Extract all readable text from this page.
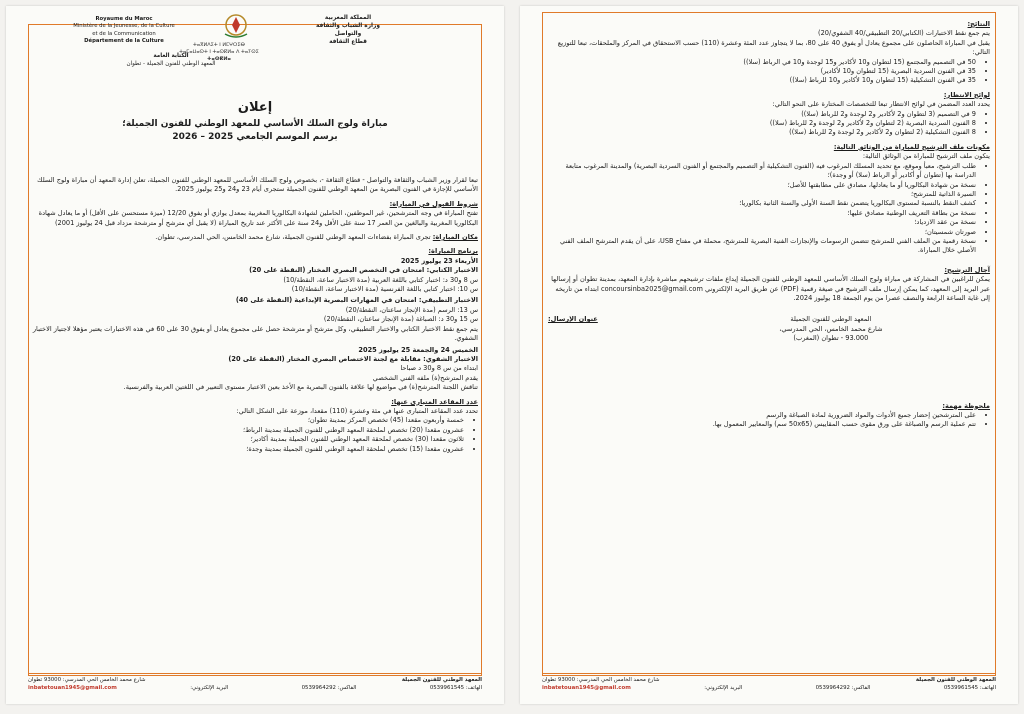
Royaume du Maroc
Ministère de la Jeunesse, de la Culture
et de la Communication
Département de la Culture
ⵜⴰⴳⵍⴷⵉⵜ ⵏ ⵍⵎⵖⵔⵉⴱ
ⵜⴰⵎⴰⵡⴰⵙⵜ ⵏ ⵜⴰⵙⴽⵍⴰ ⴷ ⵜⴰⵢⵙⵉ
ⵜⴰⵙⴽⵍⴰ
المملكة المغربية
وزارة الشباب والثقافة
والتواصل
قطاع الثقافة
الكتابة العامة
المعهد الوطني للفنون الجميلة - تطوان
إعلان
مباراة ولوج السلك الأساسي للمعهد الوطني للفنون الجميلة؛
برسم الموسم الجامعي 2025 – 2026
تبعا لقرار وزير الشباب والثقافة والتواصل - قطاع الثقافة -، بخصوص ولوج السلك الأساسي للمعهد الوطني للفنون الجميلة، تعلن إدارة المعهد أن مباراة ولوج السلك الأساسي للإجازة في الفنون البصرية من المعهد الوطني للفنون الجميلة ستجرى أيام 23 و24 و25 يوليوز 2025.
شروط القبول في المباراة:
تفتح المباراة في وجه المترشحين، غير الموظفين، الحاملين لشهادة البكالوريا المغربية بمعدل يوازي أو يفوق 12/20 (ميزة مستحسن على الأقل) أو ما يعادل شهادة البكالوريا المغربية والبالغين من العمر 17 سنة على الأقل و24 سنة على الأكثر عند تاريخ المباراة (لا يقبل أي مترشح أو مترشحة مزداد قبل 24 يوليوز 2001)
مكان المباراة: تجرى المباراة بفضاءات المعهد الوطني للفنون الجميلة، شارع محمد الخامس، الحي المدرسي، تطوان.
برنامج المباراة:
الأربعاء 23 يوليوز 2025
الاختبار الكتابي: امتحان في التخصص البصري المختار (النقطة على 20)
س 8 و30 د: اختبار كتابي باللغة العربية (مدة الاختبار ساعة، النقطة/10)
س 10: اختبار كتابي باللغة الفرنسية (مدة الاختبار ساعة، النقطة/10)
الاختبار التطبيقي: امتحان في المهارات البصرية الإبداعية (النقطة على 40)
س 13: الرسم (مدة الإنجاز ساعتان، النقطة/20)
س 15 و30 د: الصباغة (مدة الإنجاز ساعتان، النقطة/20)
يتم جمع نقط الاختبار الكتابي والاختبار التطبيقي، وكل مترشح أو مترشحة حصل على مجموع يعادل أو يفوق 30 على 60 في هذه الاختبارات يعتبر مؤهلا لاجتياز الاختبار الشفوي.
الخميس 24 والجمعة 25 يوليوز 2025
الاختبار الشفوي: مقابلة مع لجنة الاختصاص البصري المختار (النقطة على 20)
ابتداء من س 8 و30 د صباحا
يقدم المترشح(ة) ملفه الفني الشخصي
تناقش اللجنة المترشح(ة) في مواضيع لها علاقة بالفنون البصرية مع الأخذ بعين الاعتبار مستوى التعبير في اللغتين العربية والفرنسية.
عدد المقاعد المتبارى عنها:
تحدد عدد المقاعد المتبارى عنها في مئة وعشرة (110) مقعدا، موزعة على الشكل التالي:
• خمسة وأربعون مقعدا (45) تخصص المركز بمدينة تطوان؛
• عشرون مقعدا (20) تخصص لملحقة المعهد الوطني للفنون الجميلة بمدينة الرباط؛
• ثلاثون مقعدا (30) تخصص لملحقة المعهد الوطني للفنون الجميلة بمدينة أكادير؛
• عشرون مقعدا (15) تخصص لملحقة المعهد الوطني للفنون الجميلة بمدينة وجدة؛
المعهد الوطني للفنون الجميلة
شارع محمد الخامس الحي المدرسي: 93000 تطوان
الهاتف: 0539961545
الفاكس: 0539964292
البريد الإلكتروني:
inbatetouan1945@gmail.com
النتائج:
يتم جمع نقط الاختبارات (الكتابي/20 التطبيقي/40 الشفوي/20)
يقبل في المباراة الحاصلون على مجموع يعادل أو يفوق 40 على 80، بما لا يتجاوز عدد المئة وعشرة (110) حسب الاستحقاق في المركز والملحقات، تبعا للتوزيع التالي:
• 50 في التصميم والمجتمع (15 لتطوان و10 لأكادير و15 لوجدة و10 في الرباط (سلا))
• 35 في الفنون السردية البصرية (15 لتطوان و10 لأكادير)
• 35 في الفنون التشكيلية (15 لتطوان و10 لأكادير و10 للرباط (سلا))
لوائح الانتظار:
يحدد العدد المضمن في لوائح الانتظار تبعا للتخصصات المختارة على النحو التالي:
• 9 في التصميم (3 لتطوان و2 لأكادير و2 لوجدة و2 للرباط (سلا))
• 8 الفنون السردية البصرية (2 لتطوان و2 لأكادير و2 لوجدة و2 للرباط (سلا))
• 8 الفنون التشكيلية (2 لتطوان و2 لأكادير و2 لوجدة و2 للرباط (سلا))
مكونات ملف الترشيح للمباراة من الوثائق التالية:
يتكون ملف الترشيح للمباراة من الوثائق التالية:
• طلب الترشيح، معبأ وموقع، مع تحديد المسلك المرغوب فيه (الفنون التشكيلية أو التصميم والمجتمع أو الفنون السردية البصرية) والمدينة المرغوب متابعة الدراسة بها (تطوان أو أكادير أو الرباط (سلا) أو وجدة)؛
• نسخة من شهادة البكالوريا أو ما يعادلها، مصادق على مطابقتها للأصل؛
• السيرة الذاتية للمترشح؛
• كشف النقط بالنسبة لمستوى البكالوريا يتضمن نقط السنة الأولى والسنة الثانية بكالوريا؛
• نسخة من بطاقة التعريف الوطنية مصادق عليها؛
• نسخة من عقد الازدياد؛
• صورتان شمسيتان؛
• نسخة رقمية من الملف الفني للمترشح تتضمن الرسومات والإنجازات الفنية البصرية للمترشح، محملة في مفتاح USB، على أن يقدم المترشح الملف الفني الأصلي خلال المباراة.
آجال الترشيح:
يمكن للراغبين في المشاركة في مباراة ولوج السلك الأساسي للمعهد الوطني للفنون الجميلة إيداع ملفات ترشيحهم مباشرة بإدارة المعهد، بمدينة تطوان أو إرسالها عبر البريد إلى المعهد، كما يمكن إرسال ملف الترشيح في صيغة رقمية (PDF) عن طريق البريد الإلكتروني concoursinba2025@gmail.com ابتداء من تاريخه إلى غاية الساعة الرابعة والنصف عصرا من يوم الجمعة 18 يوليوز 2024.
عنوان الإرسال:	المعهد الوطني للفنون الجميلة
شارع محمد الخامس، الحي المدرسي،
93.000 - تطوان (المغرب)
ملحوظة مهمة:
• على المترشحين إحضار جميع الأدوات والمواد الضرورية لمادة الصباغة والرسم
• تتم عملية الرسم والصباغة على ورق مقوى حسب المقاييس (50x65 سم) والمعايير المعمول بها.
المعهد الوطني للفنون الجميلة
شارع محمد الخامس الحي المدرسي: 93000 تطوان
الهاتف: 0539961545
الفاكس: 0539964292
البريد الإلكتروني:
inbatetouan1945@gmail.com
